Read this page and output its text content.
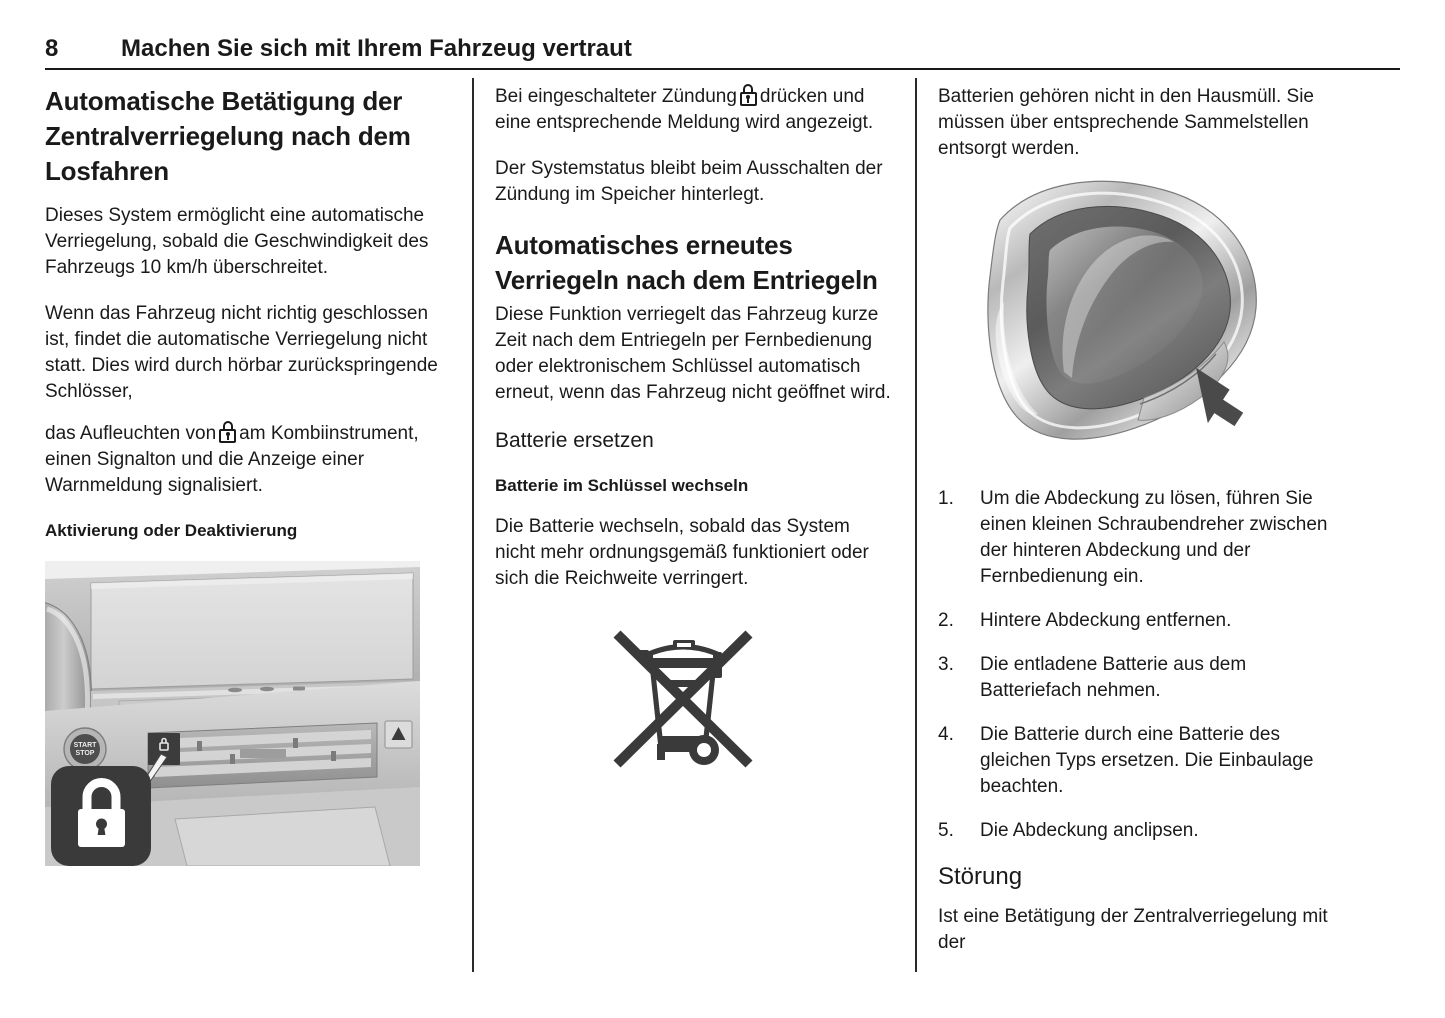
8	Machen Sie sich mit Ihrem Fahrzeug vertraut
Automatische Betätigung der Zentralverriegelung nach dem Losfahren

Dieses System ermöglicht eine automatische Verriegelung, sobald die Geschwindigkeit des Fahrzeugs 10 km/h überschreitet.

Wenn das Fahrzeug nicht richtig geschlossen ist, findet die automatische Verriegelung nicht statt. Dies wird durch hörbar zurückspringende Schlösser,

das Aufleuchten von am Kombiinstrument, einen Signalton und die Anzeige einer Warnmeldung signalisiert.

Aktivierung oder Deaktivierung
START
STOP

Bei eingeschalteter Zündung drücken und eine entsprechende Meldung wird angezeigt.

Der Systemstatus bleibt beim Ausschalten der Zündung im Speicher hinterlegt.

Automatisches erneutes Verriegeln nach dem Entriegeln

Diese Funktion verriegelt das Fahrzeug kurze Zeit nach dem Entriegeln per Fernbedienung oder elektronischem Schlüssel automatisch erneut, wenn das Fahrzeug nicht geöffnet wird.

Batterie ersetzen
Batterie im Schlüssel wechseln

Die Batterie wechseln, sobald das System nicht mehr ordnungsgemäß funktioniert oder sich die Reichweite verringert.

Batterien gehören nicht in den Hausmüll. Sie müssen über entsprechende Sammelstellen entsorgt werden.

1.	Um die Abdeckung zu lösen, führen Sie einen kleinen Schraubendreher zwischen der hinteren Abdeckung und der Fernbedienung ein.
2.	Hintere Abdeckung entfernen.
3.	Die entladene Batterie aus dem Batteriefach nehmen.
4.	Die Batterie durch eine Batterie des gleichen Typs ersetzen. Die Einbaulage beachten.
5.	Die Abdeckung anclipsen.
Störung

Ist eine Betätigung der Zentralverriegelung mit der
